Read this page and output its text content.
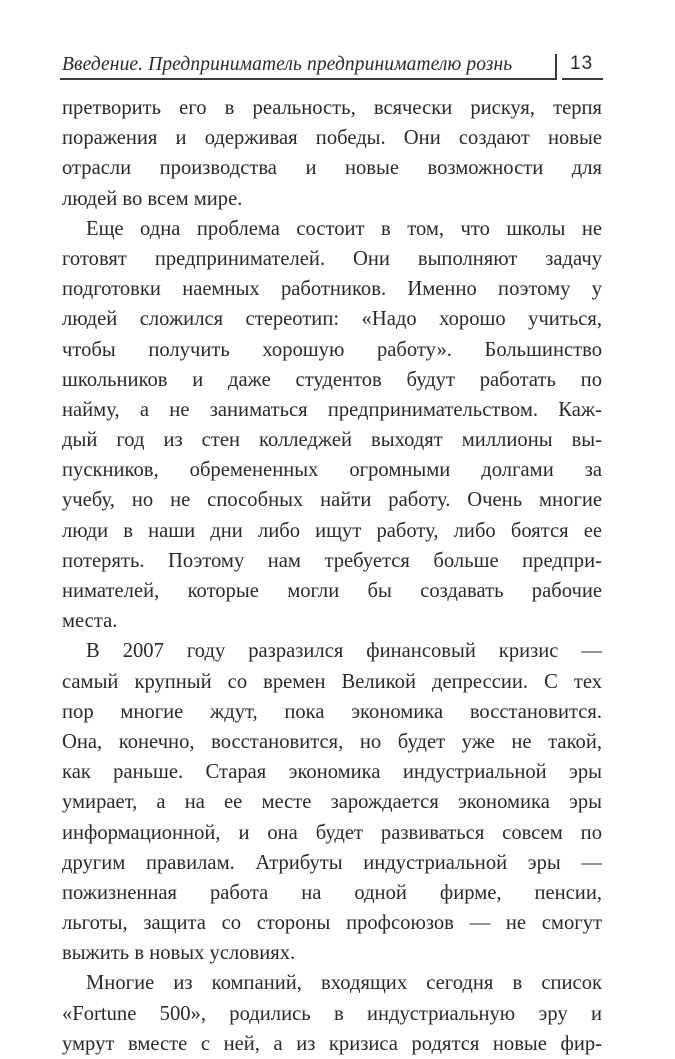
Введение. Предприниматель предпринимателю рознь	13
претворить его в реальность, всячески рискуя, терпя
поражения и одерживая победы. Они создают новые
отрасли производства и новые возможности для
людей во всем мире.
Еще одна проблема состоит в том, что школы не
готовят предпринимателей. Они выполняют задачу
подготовки наемных работников. Именно поэтому у
людей сложился стереотип: «Надо хорошо учиться,
чтобы получить хорошую работу». Большинство
школьников и даже студентов будут работать по
найму, а не заниматься предпринимательством. Каж-
дый год из стен колледжей выходят миллионы вы-
пускников, обремененных огромными долгами за
учебу, но не способных найти работу. Очень многие
люди в наши дни либо ищут работу, либо боятся ее
потерять. Поэтому нам требуется больше предпри-
нимателей, которые могли бы создавать рабочие
места.
В 2007 году разразился финансовый кризис —
самый крупный со времен Великой депрессии. С тех
пор многие ждут, пока экономика восстановится.
Она, конечно, восстановится, но будет уже не такой,
как раньше. Старая экономика индустриальной эры
умирает, а на ее месте зарождается экономика эры
информационной, и она будет развиваться совсем по
другим правилам. Атрибуты индустриальной эры —
пожизненная работа на одной фирме, пенсии,
льготы, защита со стороны профсоюзов — не смогут
выжить в новых условиях.
Многие из компаний, входящих сегодня в список
«Fortune 500», родились в индустриальную эру и
умрут вместе с ней, а из кризиса родятся новые фир-
